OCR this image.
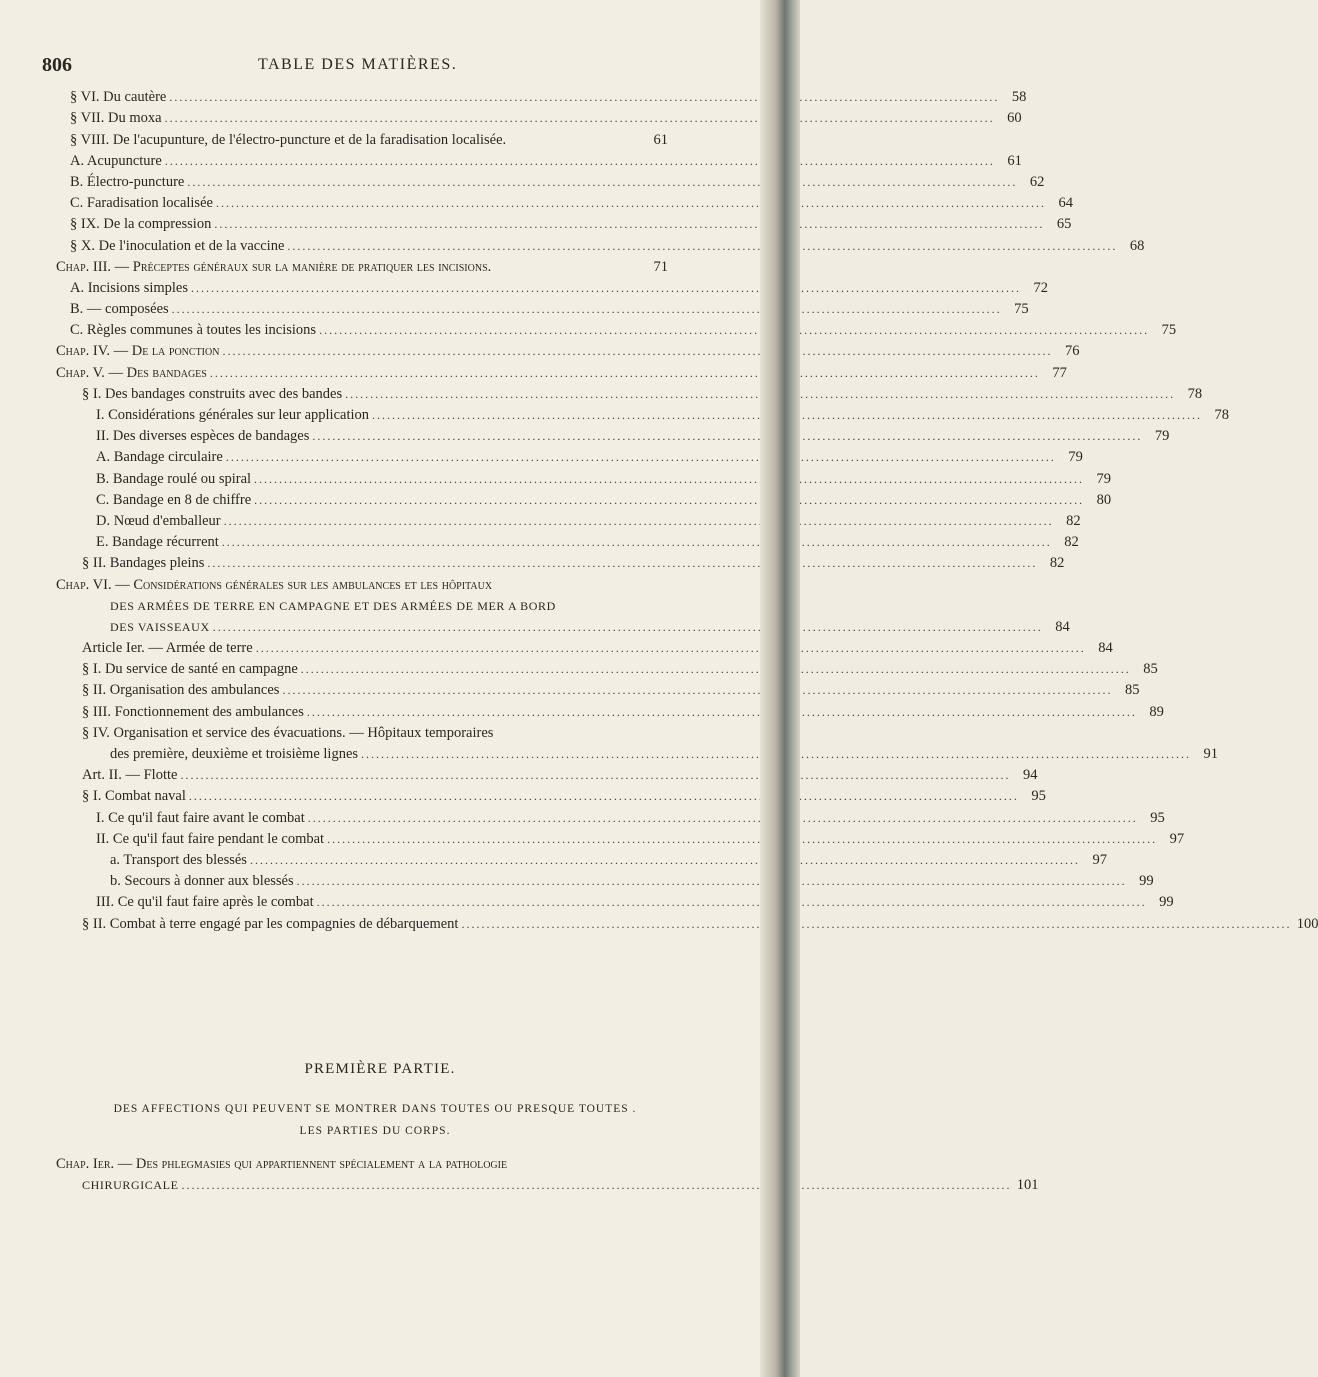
806	TABLE DES MATIÈRES.
§ VI. Du cautère .....	58
§ VII. Du moxa .....	60
§ VIII. De l'acupunture, de l'électro-puncture et de la faradisation localisée.	61
A. Acupuncture .....	61
B. Électro-puncture .....	62
C. Faradisation localisée .....	64
§ IX. De la compression .....	65
§ X. De l'inoculation et de la vaccine .....	68
Chap. III. — Préceptes généraux sur la manière de pratiquer les incisions.	71
A. Incisions simples .....	72
B. — composées .....	75
C. Règles communes à toutes les incisions .....	75
Chap. IV. — De la ponction .....	76
Chap. V. — Des bandages .....	77
§ I. Des bandages construits avec des bandes .....	78
I. Considérations générales sur leur application .....	78
II. Des diverses espèces de bandages .....	79
A. Bandage circulaire .....	79
B. Bandage roulé ou spiral .....	79
C. Bandage en 8 de chiffre .....	80
D. Nœud d'emballeur .....	82
E. Bandage récurrent .....	82
§ II. Bandages pleins .....	82
Chap. VI. — Considérations générales sur les ambulances et les hôpitaux
DES ARMÉES DE TERRE EN CAMPAGNE ET DES ARMÉES DE MER A BORD
DES VAISSEAUX .....	84
Article Ier. — Armée de terre .....	84
§ I. Du service de santé en campagne .....	85
§ II. Organisation des ambulances .....	85
§ III. Fonctionnement des ambulances .....	89
§ IV. Organisation et service des évacuations. — Hôpitaux temporaires
des première, deuxième et troisième lignes .....	91
Art. II. — Flotte .....	94
§ I. Combat naval .....	95
I. Ce qu'il faut faire avant le combat .....	95
II. Ce qu'il faut faire pendant le combat .....	97
a. Transport des blessés .....	97
b. Secours à donner aux blessés .....	99
III. Ce qu'il faut faire après le combat .....	99
§ II. Combat à terre engagé par les compagnies de débarquement .....	100
PREMIÈRE PARTIE.
DES AFFECTIONS QUI PEUVENT SE MONTRER DANS TOUTES OU PRESQUE TOUTES .
LES PARTIES DU CORPS.
Chap. Ier. — Des phlegmasies qui appartiennent spécialement a la pathologie
CHIRURGICALE .....	101
